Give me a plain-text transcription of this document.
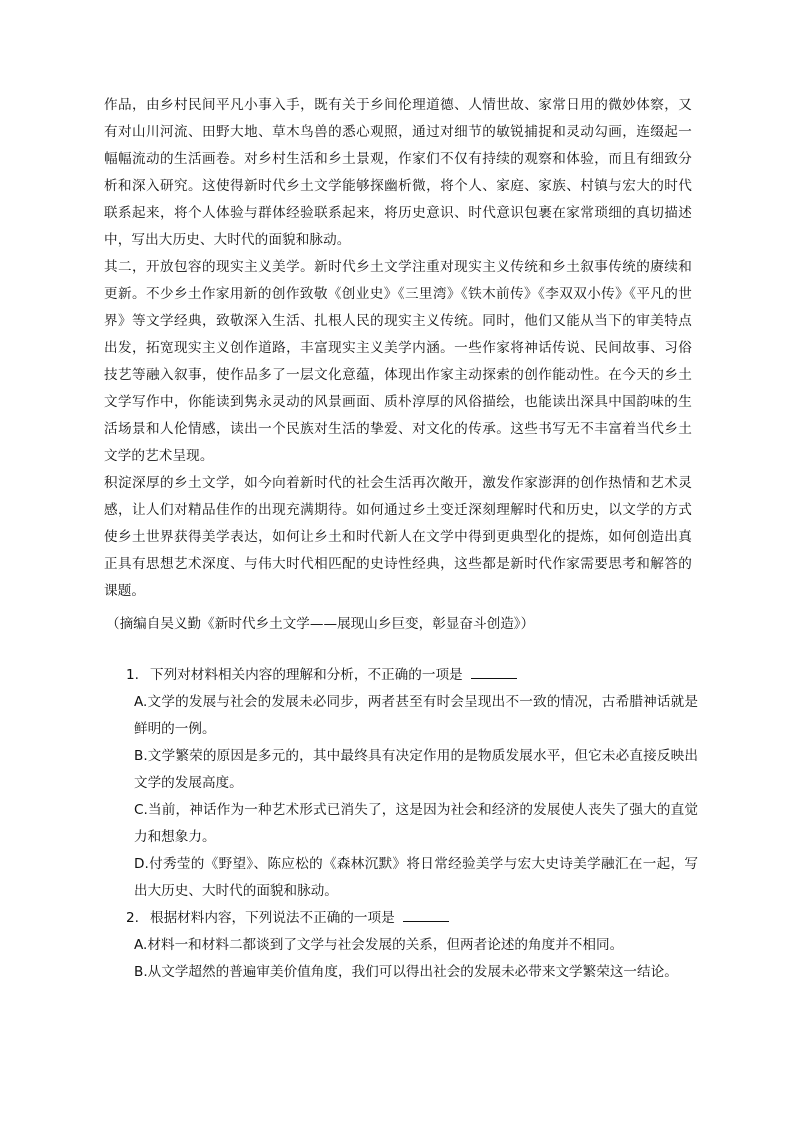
作品，由乡村民间平凡小事入手，既有关于乡间伦理道德、人情世故、家常日用的微妙体察，又有对山川河流、田野大地、草木鸟兽的悉心观照，通过对细节的敏锐捕捉和灵动勾画，连缀起一幅幅流动的生活画卷。对乡村生活和乡土景观，作家们不仅有持续的观察和体验，而且有细致分析和深入研究。这使得新时代乡土文学能够探幽析微，将个人、家庭、家族、村镇与宏大的时代联系起来，将个人体验与群体经验联系起来，将历史意识、时代意识包裹在家常琐细的真切描述中，写出大历史、大时代的面貌和脉动。

其二，开放包容的现实主义美学。新时代乡土文学注重对现实主义传统和乡土叙事传统的赓续和更新。不少乡土作家用新的创作致敬《创业史》《三里湾》《铁木前传》《李双双小传》《平凡的世界》等文学经典，致敬深入生活、扎根人民的现实主义传统。同时，他们又能从当下的审美特点出发，拓宽现实主义创作道路，丰富现实主义美学内涵。一些作家将神话传说、民间故事、习俗技艺等融入叙事，使作品多了一层文化意蕴，体现出作家主动探索的创作能动性。在今天的乡土文学写作中，你能读到隽永灵动的风景画面、质朴淳厚的风俗描绘，也能读出深具中国韵味的生活场景和人伦情感，读出一个民族对生活的挚爱、对文化的传承。这些书写无不丰富着当代乡土文学的艺术呈现。

积淀深厚的乡土文学，如今向着新时代的社会生活再次敞开，激发作家澎湃的创作热情和艺术灵感，让人们对精品佳作的出现充满期待。如何通过乡土变迁深刻理解时代和历史，以文学的方式使乡土世界获得美学表达，如何让乡土和时代新人在文学中得到更典型化的提炼，如何创造出真正具有思想艺术深度、与伟大时代相匹配的史诗性经典，这些都是新时代作家需要思考和解答的课题。

（摘编自吴义勤《新时代乡土文学——展现山乡巨变，彰显奋斗创造》）

1. 下列对材料相关内容的理解和分析，不正确的一项是

A.文学的发展与社会的发展未必同步，两者甚至有时会呈现出不一致的情况，古希腊神话就是鲜明的一例。

B.文学繁荣的原因是多元的，其中最终具有决定作用的是物质发展水平，但它未必直接反映出文学的发展高度。

C.当前，神话作为一种艺术形式已消失了，这是因为社会和经济的发展使人丧失了强大的直觉力和想象力。

D.付秀莹的《野望》、陈应松的《森林沉默》将日常经验美学与宏大史诗美学融汇在一起，写出大历史、大时代的面貌和脉动。

2. 根据材料内容，下列说法不正确的一项是

A.材料一和材料二都谈到了文学与社会发展的关系，但两者论述的角度并不相同。

B.从文学超然的普遍审美价值角度，我们可以得出社会的发展未必带来文学繁荣这一结论。
